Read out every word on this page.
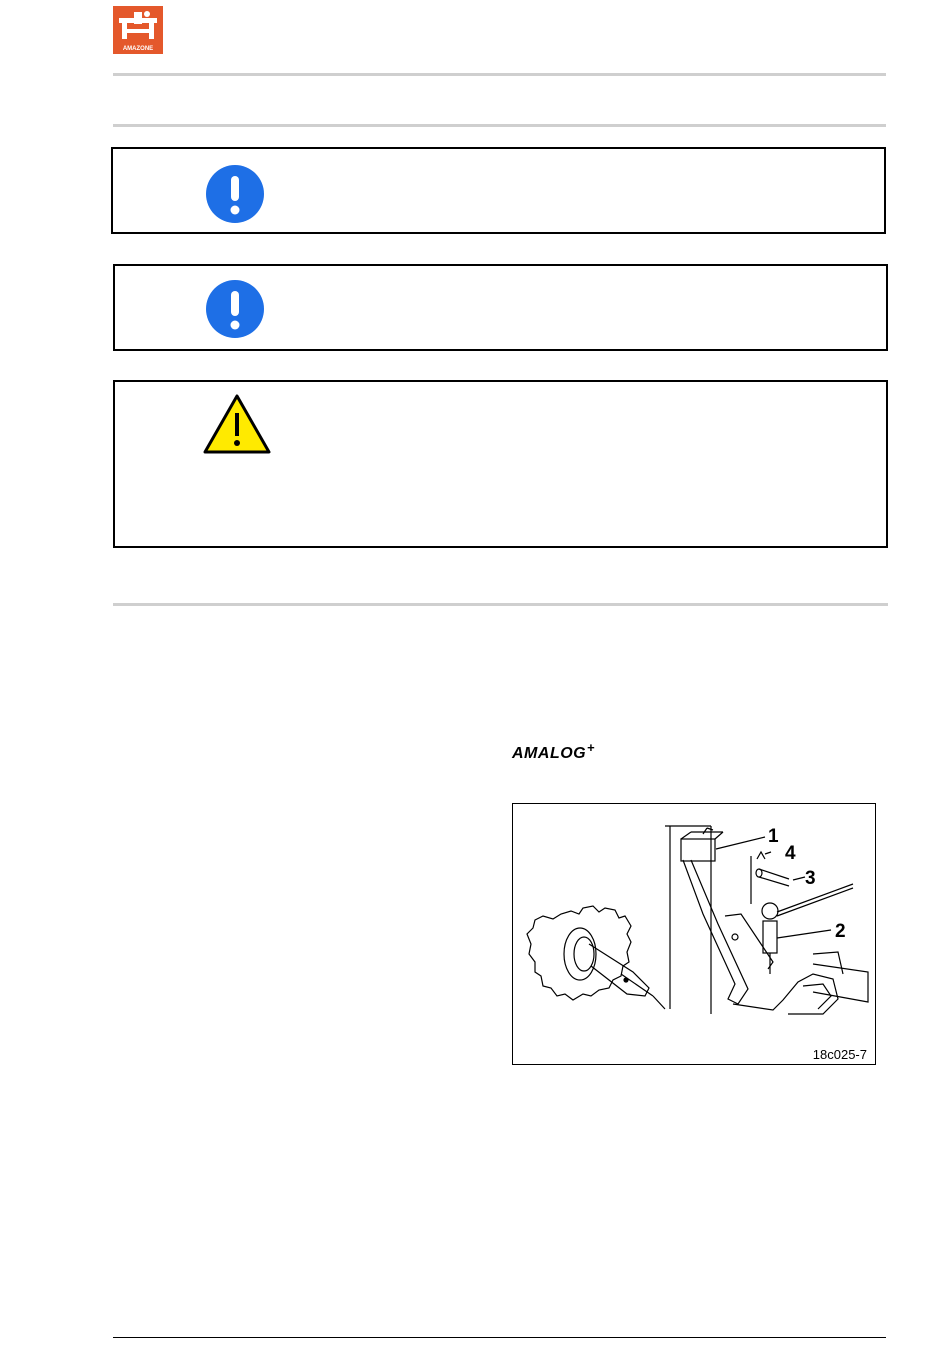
AMAZONE
AMALOG+
1
2
3
4
18c025-7
